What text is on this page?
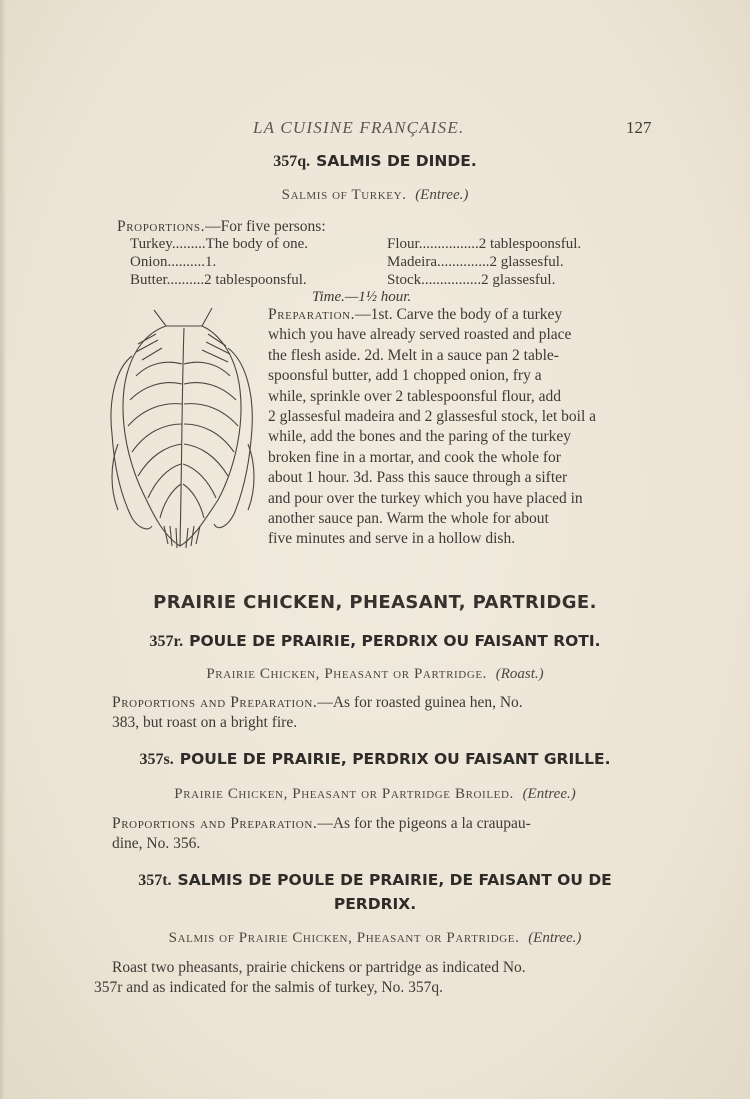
LA CUISINE FRANÇAISE.	127
357q. SALMIS DE DINDE.
Salmis of Turkey. (Entree.)
Proportions.—For five persons:
Turkey.........The body of one.
Onion..........1.
Butter..........2 tablespoonsful.
Flour................2 tablespoonsful.
Madeira..............2 glassesful.
Stock................2 glassesful.
Time.—1½ hour.
Preparation.—1st. Carve the body of a turkey
which you have already served roasted and place
the flesh aside. 2d. Melt in a sauce pan 2 table-
spoonsful butter, add 1 chopped onion, fry a
while, sprinkle over 2 tablespoonsful flour, add
2 glassesful madeira and 2 glassesful stock, let boil a
while, add the bones and the paring of the turkey
broken fine in a mortar, and cook the whole for
about 1 hour. 3d. Pass this sauce through a sifter
and pour over the turkey which you have placed in
another sauce pan. Warm the whole for about
five minutes and serve in a hollow dish.
PRAIRIE CHICKEN, PHEASANT, PARTRIDGE.
357r. POULE DE PRAIRIE, PERDRIX OU FAISANT ROTI.
Prairie Chicken, Pheasant or Partridge. (Roast.)
Proportions and Preparation.—As for roasted guinea hen, No.
383, but roast on a bright fire.
357s. POULE DE PRAIRIE, PERDRIX OU FAISANT GRILLE.
Prairie Chicken, Pheasant or Partridge Broiled. (Entree.)
Proportions and Preparation.—As for the pigeons a la craupau-
dine, No. 356.
357t. SALMIS DE POULE DE PRAIRIE, DE FAISANT OU DE
PERDRIX.
Salmis of Prairie Chicken, Pheasant or Partridge. (Entree.)
Roast two pheasants, prairie chickens or partridge as indicated No.
357r and as indicated for the salmis of turkey, No. 357q.
